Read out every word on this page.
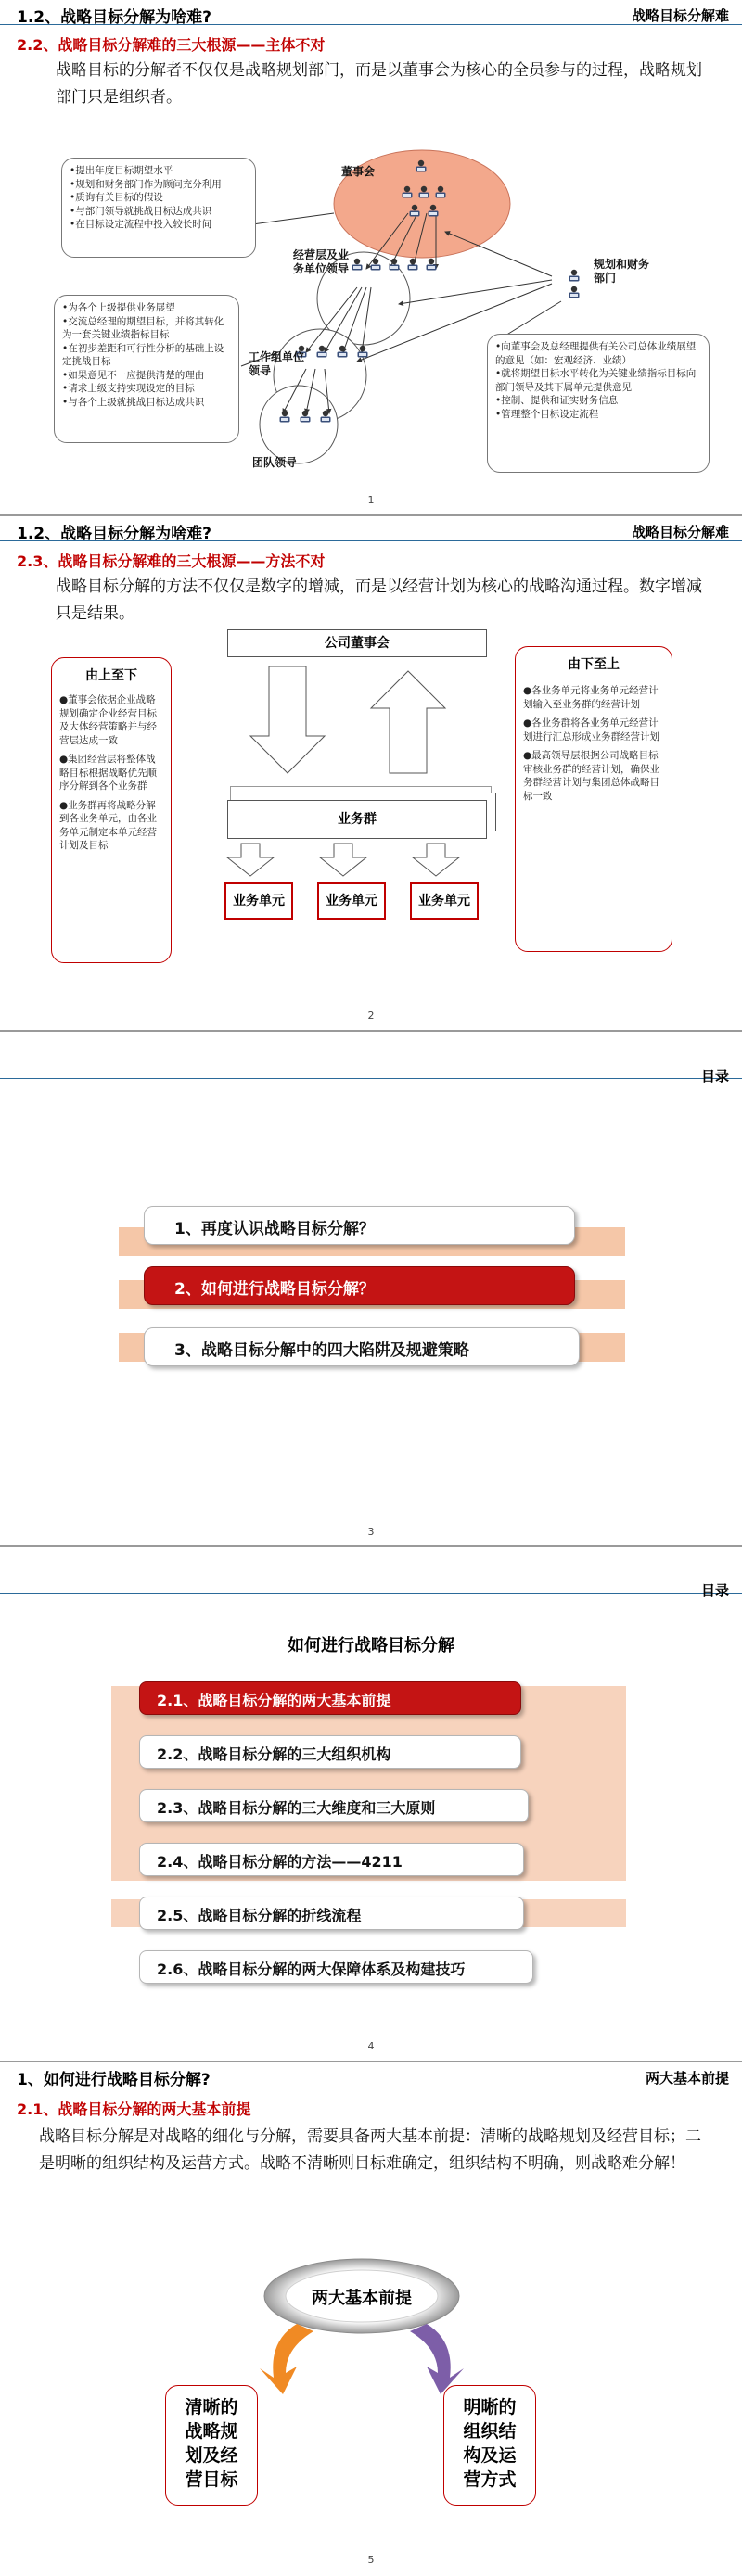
1.2、战略目标分解为啥难?	战略目标分解难
2.2、战略目标分解难的三大根源——主体不对
战略目标的分解者不仅仅是战略规划部门，而是以董事会为核心的全员参与的过程，战略规划部门只是组织者。
董事会
经营层及业务单位领导
工作组单位领导
团队领导
规划和财务部门
•提出年度目标期望水平
•规划和财务部门作为顾问充分利用
•质询有关目标的假设
•与部门领导就挑战目标达成共识
•在目标设定流程中投入较长时间
•为各个上级提供业务展望
•交流总经理的期望目标，并将其转化为一套关键业绩指标目标
•在初步差距和可行性分析的基础上设定挑战目标
•如果意见不一应提供清楚的理由
•请求上级支持实现设定的目标
•与各个上级就挑战目标达成共识
•向董事会及总经理提供有关公司总体业绩展望的意见（如：宏观经济、业绩）
•就将期望目标水平转化为关键业绩指标目标向部门领导及其下属单元提供意见
•控制、提供和证实财务信息
•管理整个目标设定流程
1
1.2、战略目标分解为啥难?	战略目标分解难
2.3、战略目标分解难的三大根源——方法不对
战略目标分解的方法不仅仅是数字的增减，而是以经营计划为核心的战略沟通过程。数字增减只是结果。
由上至下
●董事会依据企业战略规划确定企业经营目标及大体经营策略并与经营层达成一致
●集团经营层将整体战略目标根据战略优先顺序分解到各个业务群
●业务群再将战略分解到各业务单元，由各业务单元制定本单元经营计划及目标
由下至上
●各业务单元将业务单元经营计划输入至业务群的经营计划
●各业务群将各业务单元经营计划进行汇总形成业务群经营计划
●最高领导层根据公司战略目标审核业务群的经营计划，确保业务群经营计划与集团总体战略目标一致
公司董事会
业务群
业务单元	业务单元	业务单元
2
目录
1、再度认识战略目标分解？
2、如何进行战略目标分解？
3、战略目标分解中的四大陷阱及规避策略
3
目录
如何进行战略目标分解
2.1、战略目标分解的两大基本前提
2.2、战略目标分解的三大组织机构
2.3、战略目标分解的三大维度和三大原则
2.4、战略目标分解的方法——4211
2.5、战略目标分解的折线流程
2.6、战略目标分解的两大保障体系及构建技巧
4
1、如何进行战略目标分解?	两大基本前提
2.1、战略目标分解的两大基本前提
战略目标分解是对战略的细化与分解，需要具备两大基本前提：清晰的战略规划及经营目标；二是明晰的组织结构及运营方式。战略不清晰则目标难确定，组织结构不明确，则战略难分解！
两大基本前提
清晰的战略规划及经营目标
明晰的组织结构及运营方式
5
